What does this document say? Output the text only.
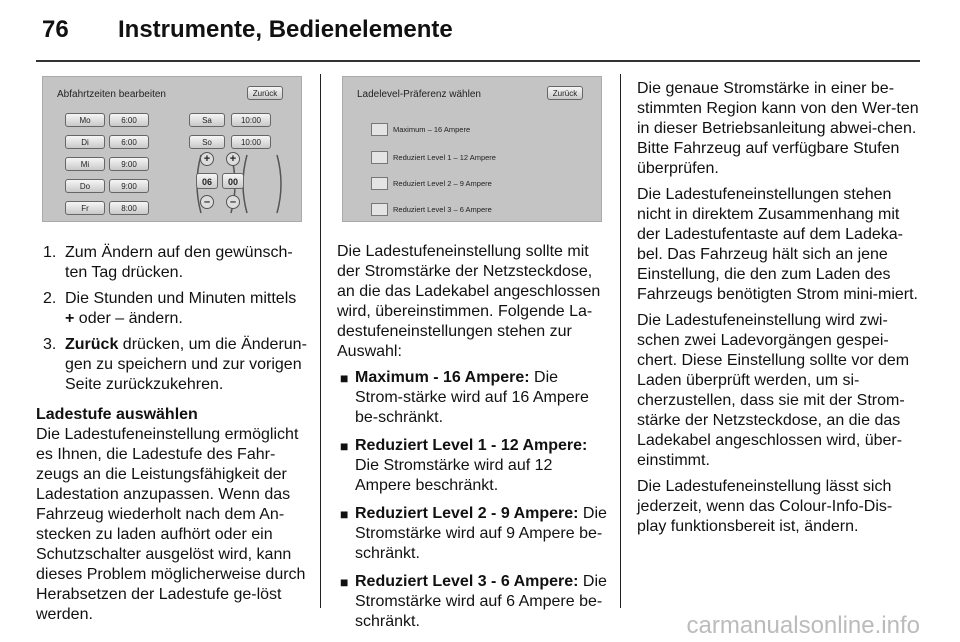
76 Instrumente, Bedienelemente
Abfahrtzeiten bearbeiten	Zurück
Mo	6:00
Di	6:00
Mi	9:00
Do	9:00
Fr	8:00
Sa	10:00
So	10:00
+
06
–
+
00
–
Ladelevel-Präferenz wählen	Zurück
Maximum – 16 Ampere
Reduziert Level 1 – 12 Ampere
Reduziert Level 2 – 9 Ampere
Reduziert Level 3 – 6 Ampere
1. Zum Ändern auf den gewünsch-ten Tag drücken.
2. Die Stunden und Minuten mittels + oder – ändern.
3. Zurück drücken, um die Änderun-gen zu speichern und zur vorigen Seite zurückzukehren.
Ladestufe auswählen

Die Ladestufeneinstellung ermöglicht es Ihnen, die Ladestufe des Fahr-zeugs an die Leistungsfähigkeit der Ladestation anzupassen. Wenn das Fahrzeug wiederholt nach dem An-stecken zu laden aufhört oder ein Schutzschalter ausgelöst wird, kann dieses Problem möglicherweise durch Herabsetzen der Ladestufe ge-löst werden.

Die Ladestufeneinstellung sollte mit der Stromstärke der Netzsteckdose, an die das Ladekabel angeschlossen wird, übereinstimmen. Folgende La-destufeneinstellungen stehen zur Auswahl:

■ Maximum - 16 Ampere: Die Strom-stärke wird auf 16 Ampere be-schränkt.
■ Reduziert Level 1 - 12 Ampere: Die Stromstärke wird auf 12 Ampere beschränkt.
■ Reduziert Level 2 - 9 Ampere: Die Stromstärke wird auf 9 Ampere be-schränkt.
■ Reduziert Level 3 - 6 Ampere: Die Stromstärke wird auf 6 Ampere be-schränkt.

Die genaue Stromstärke in einer be-stimmten Region kann von den Wer-ten in dieser Betriebsanleitung abwei-chen. Bitte Fahrzeug auf verfügbare Stufen überprüfen.

Die Ladestufeneinstellungen stehen nicht in direktem Zusammenhang mit der Ladestufentaste auf dem Ladeka-bel. Das Fahrzeug hält sich an jene Einstellung, die den zum Laden des Fahrzeugs benötigten Strom mini-miert.

Die Ladestufeneinstellung wird zwi-schen zwei Ladevorgängen gespei-chert. Diese Einstellung sollte vor dem Laden überprüft werden, um si-cherzustellen, dass sie mit der Strom-stärke der Netzsteckdose, an die das Ladekabel angeschlossen wird, über-einstimmt.

Die Ladestufeneinstellung lässt sich jederzeit, wenn das Colour-Info-Dis-play funktionsbereit ist, ändern.

carmanualsonline.info
